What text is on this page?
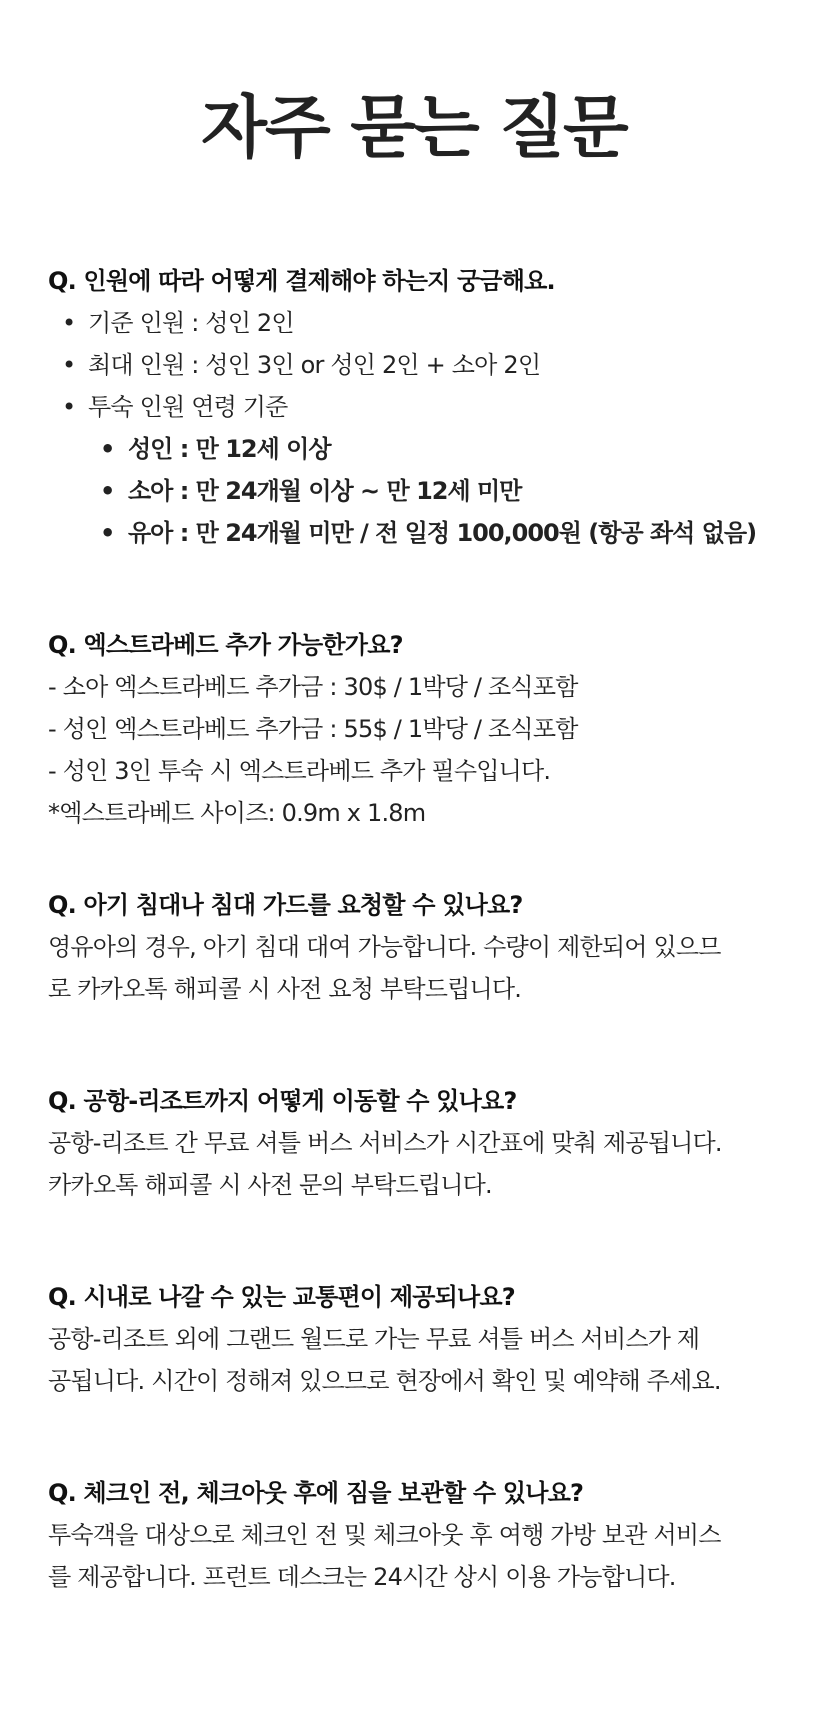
자주 묻는 질문

Q. 인원에 따라 어떻게 결제해야 하는지 궁금해요.

• 기준 인원 : 성인 2인
• 최대 인원 : 성인 3인 or 성인 2인 + 소아 2인
• 투숙 인원 연령 기준
• 성인 : 만 12세 이상
• 소아 : 만 24개월 이상 ~ 만 12세 미만
• 유아 : 만 24개월 미만 / 전 일정 100,000원 (항공 좌석 없음)

Q. 엑스트라베드 추가 가능한가요?

- 소아 엑스트라베드 추가금 : 30$ / 1박당 / 조식포함

- 성인 엑스트라베드 추가금 : 55$ / 1박당 / 조식포함

- 성인 3인 투숙 시 엑스트라베드 추가 필수입니다.

*엑스트라베드 사이즈: 0.9m x 1.8m

Q. 아기 침대나 침대 가드를 요청할 수 있나요?

영유아의 경우, 아기 침대 대여 가능합니다. 수량이 제한되어 있으므

로 카카오톡 해피콜 시 사전 요청 부탁드립니다.

Q. 공항-리조트까지 어떻게 이동할 수 있나요?

공항-리조트 간 무료 셔틀 버스 서비스가 시간표에 맞춰 제공됩니다.

카카오톡 해피콜 시 사전 문의 부탁드립니다.

Q. 시내로 나갈 수 있는 교통편이 제공되나요?

공항-리조트 외에 그랜드 월드로 가는 무료 셔틀 버스 서비스가 제

공됩니다. 시간이 정해져 있으므로 현장에서 확인 및 예약해 주세요.

Q. 체크인 전, 체크아웃 후에 짐을 보관할 수 있나요?

투숙객을 대상으로 체크인 전 및 체크아웃 후 여행 가방 보관 서비스

를 제공합니다. 프런트 데스크는 24시간 상시 이용 가능합니다.
